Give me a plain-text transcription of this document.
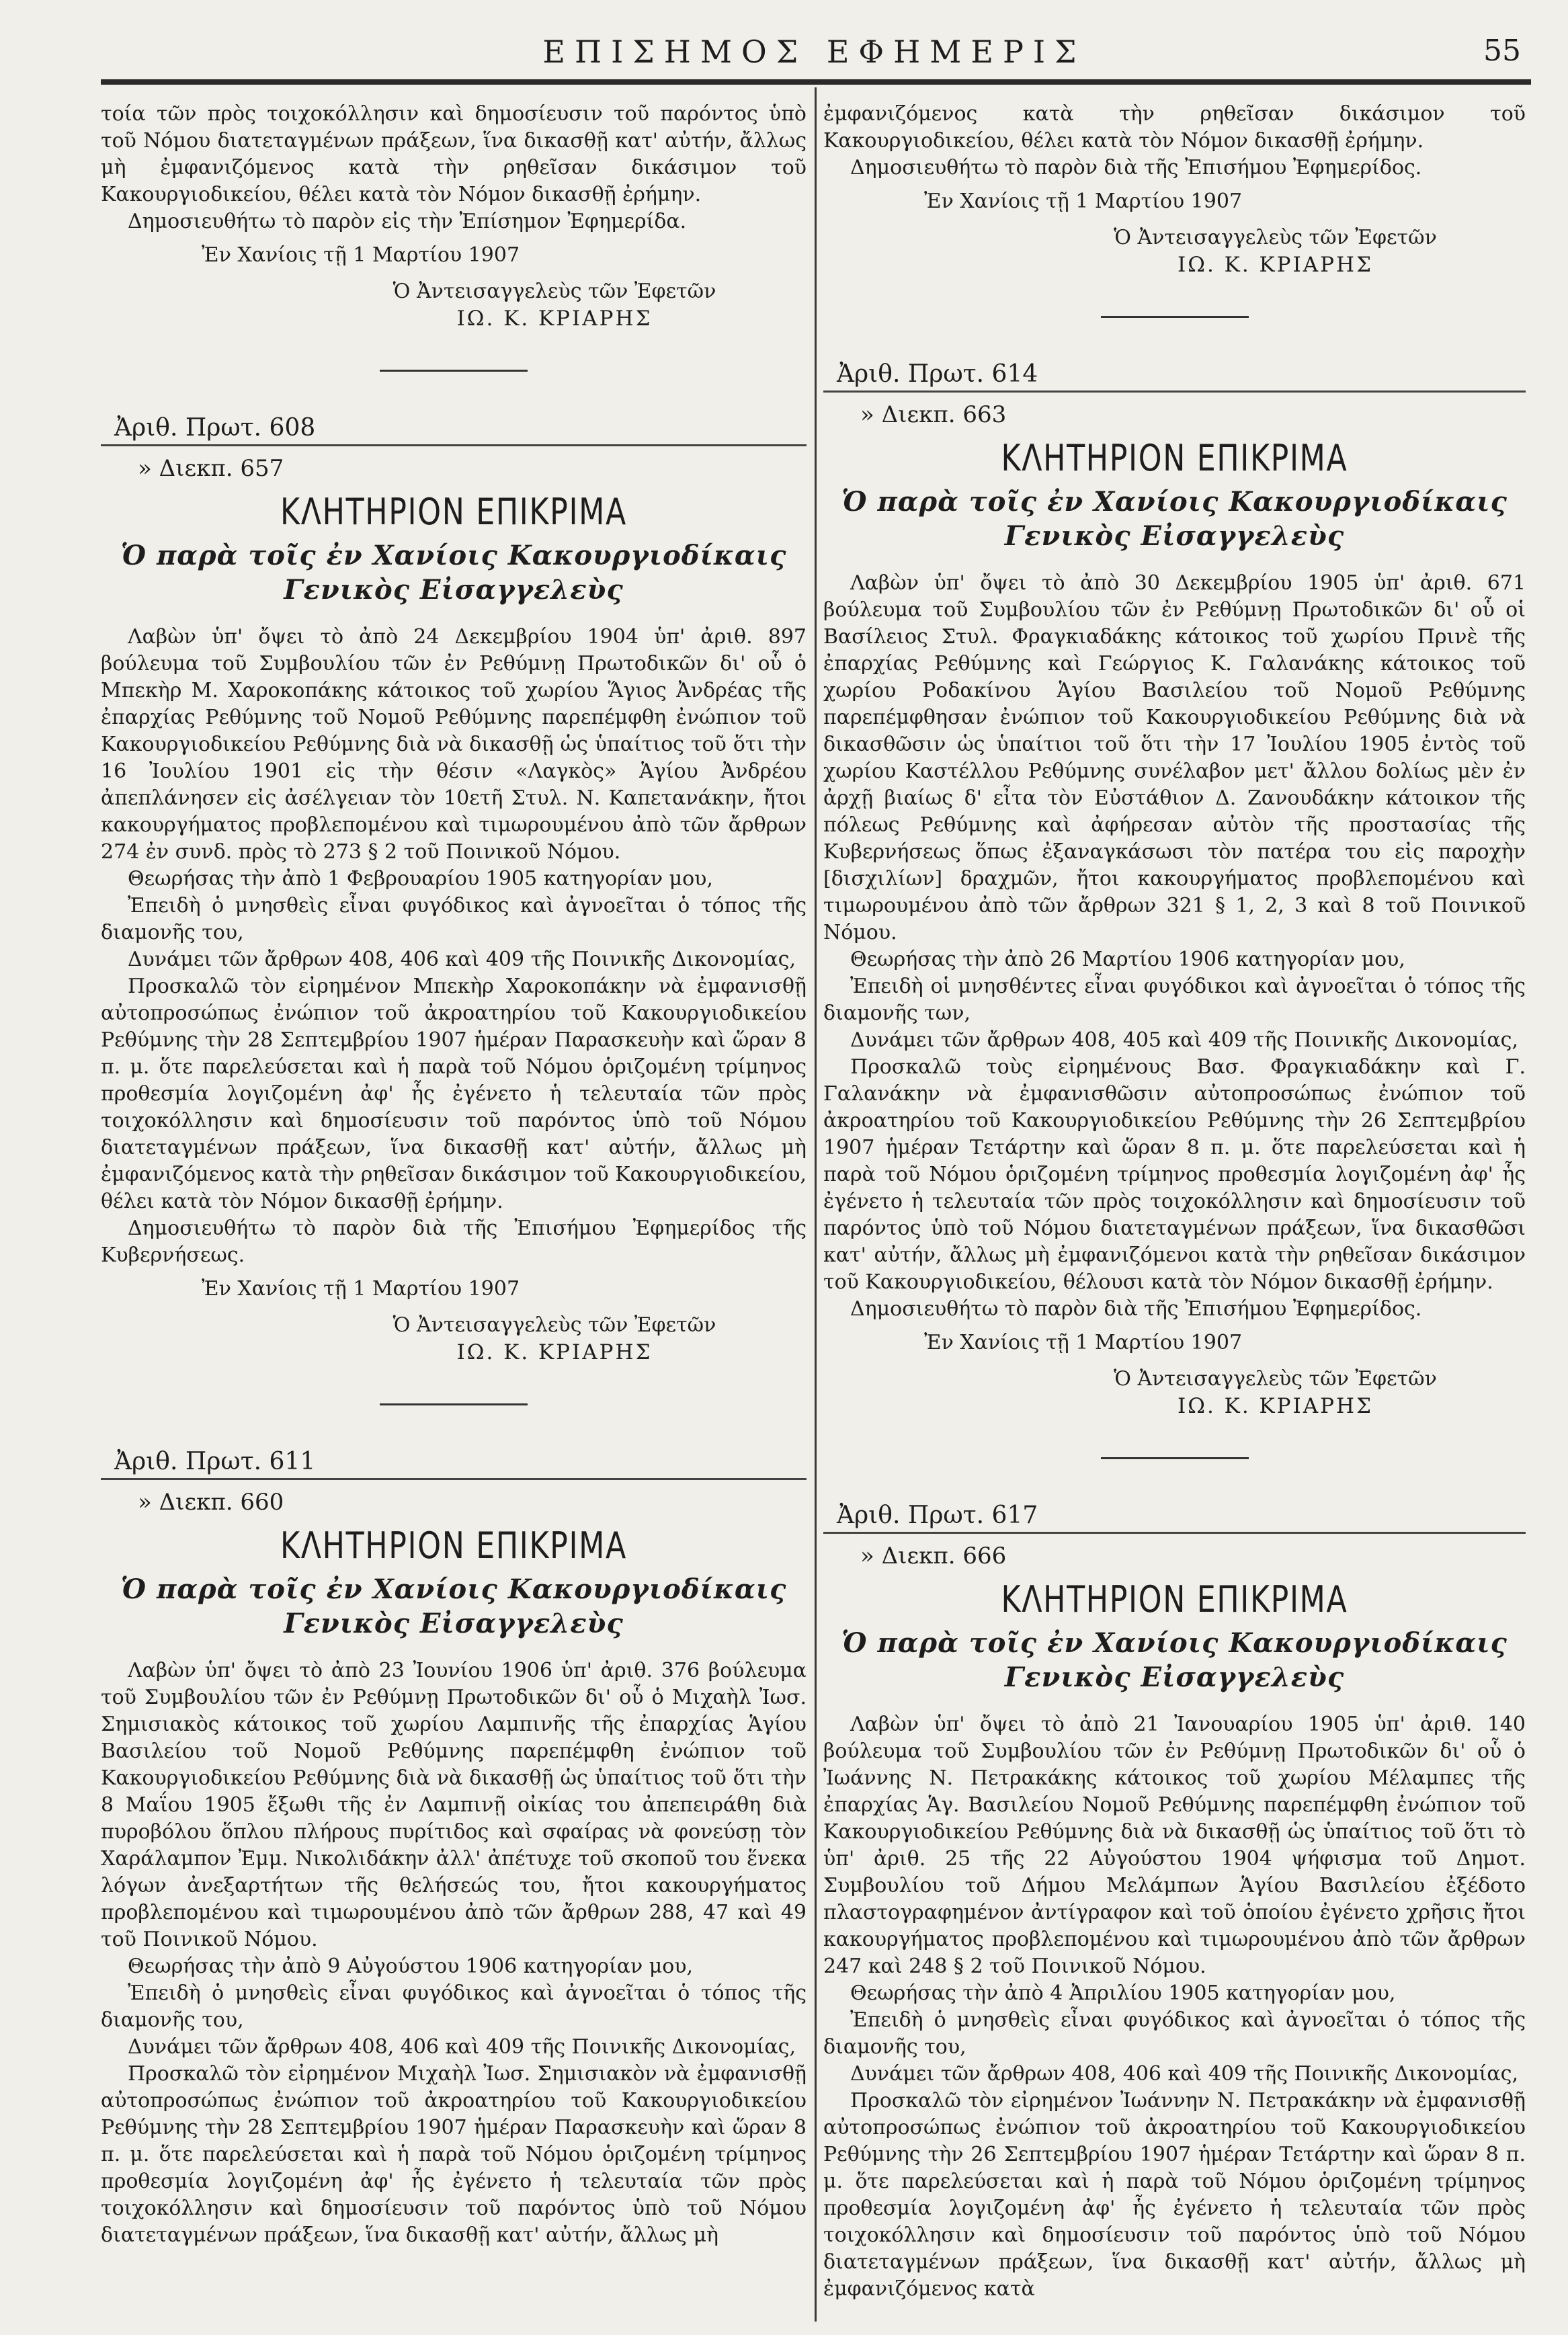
ΕΠΙΣΗΜΟΣ ΕΦΗΜΕΡΙΣ	55

τοία τῶν πρὸς τοιχοκόλλησιν καὶ δημοσίευσιν τοῦ παρόντος ὑπὸ τοῦ Νόμου διατεταγμένων πράξεων, ἵνα δικασθῇ κατ' αὐτήν, ἄλλως μὴ ἐμφανιζόμενος κατὰ τὴν ρηθεῖσαν δικάσιμον τοῦ Κακουργιοδικείου, θέλει κατὰ τὸν Νόμον δικασθῇ ἐρήμην.

Δημοσιευθήτω τὸ παρὸν εἰς τὴν Ἐπίσημον Ἐφημερίδα.

Ἐν Χανίοις τῇ 1 Μαρτίου 1907

Ὁ Ἀντεισαγγελεὺς τῶν Ἐφετῶν

ΙΩ. Κ. ΚΡΙΑΡΗΣ

Ἀριθ. Πρωτ. 608

» Διεκπ. 657

ΚΛΗΤΗΡΙΟΝ ΕΠΙΚΡΙΜΑ

Ὁ παρὰ τοῖς ἐν Χανίοις Κακουργιοδίκαις

Γενικὸς Εἰσαγγελεὺς

Λαβὼν ὑπ' ὄψει τὸ ἀπὸ 24 Δεκεμβρίου 1904 ὑπ' ἀριθ. 897 βούλευμα τοῦ Συμβουλίου τῶν ἐν Ρεθύμνῃ Πρωτοδικῶν δι' οὗ ὁ Μπεκὴρ Μ. Χαροκοπάκης κάτοικος τοῦ χωρίου Ἅγιος Ἀνδρέας τῆς ἐπαρχίας Ρεθύμνης τοῦ Νομοῦ Ρεθύμνης παρεπέμφθη ἐνώπιον τοῦ Κακουργιοδικείου Ρεθύμνης διὰ νὰ δικασθῇ ὡς ὑπαίτιος τοῦ ὅτι τὴν 16 Ἰουλίου 1901 εἰς τὴν θέσιν «Λαγκὸς» Ἁγίου Ἀνδρέου ἀπεπλάνησεν εἰς ἀσέλγειαν τὸν 10ετῆ Στυλ. Ν. Καπετανάκην, ἤτοι κακουργήματος προβλεπομένου καὶ τιμωρουμένου ἀπὸ τῶν ἄρθρων 274 ἐν συνδ. πρὸς τὸ 273 § 2 τοῦ Ποινικοῦ Νόμου.

Θεωρήσας τὴν ἀπὸ 1 Φεβρουαρίου 1905 κατηγορίαν μου,

Ἐπειδὴ ὁ μνησθεὶς εἶναι φυγόδικος καὶ ἀγνοεῖται ὁ τόπος τῆς διαμονῆς του,

Δυνάμει τῶν ἄρθρων 408, 406 καὶ 409 τῆς Ποινικῆς Δικονομίας,

Προσκαλῶ τὸν εἰρημένον Μπεκὴρ Χαροκοπάκην νὰ ἐμφανισθῇ αὐτοπροσώπως ἐνώπιον τοῦ ἀκροατηρίου τοῦ Κακουργιοδικείου Ρεθύμνης τὴν 28 Σεπτεμβρίου 1907 ἡμέραν Παρασκευὴν καὶ ὥραν 8 π. μ. ὅτε παρελεύσεται καὶ ἡ παρὰ τοῦ Νόμου ὁριζομένη τρίμηνος προθεσμία λογιζομένη ἀφ' ἧς ἐγένετο ἡ τελευταία τῶν πρὸς τοιχοκόλλησιν καὶ δημοσίευσιν τοῦ παρόντος ὑπὸ τοῦ Νόμου διατεταγμένων πράξεων, ἵνα δικασθῇ κατ' αὐτήν, ἄλλως μὴ ἐμφανιζόμενος κατὰ τὴν ρηθεῖσαν δικάσιμον τοῦ Κακουργιοδικείου, θέλει κατὰ τὸν Νόμον δικασθῇ ἐρήμην.

Δημοσιευθήτω τὸ παρὸν διὰ τῆς Ἐπισήμου Ἐφημερίδος τῆς Κυβερνήσεως.

Ἐν Χανίοις τῇ 1 Μαρτίου 1907

Ὁ Ἀντεισαγγελεὺς τῶν Ἐφετῶν

ΙΩ. Κ. ΚΡΙΑΡΗΣ

Ἀριθ. Πρωτ. 611

» Διεκπ. 660

ΚΛΗΤΗΡΙΟΝ ΕΠΙΚΡΙΜΑ

Ὁ παρὰ τοῖς ἐν Χανίοις Κακουργιοδίκαις

Γενικὸς Εἰσαγγελεὺς

Λαβὼν ὑπ' ὄψει τὸ ἀπὸ 23 Ἰουνίου 1906 ὑπ' ἀριθ. 376 βούλευμα τοῦ Συμβουλίου τῶν ἐν Ρεθύμνῃ Πρωτοδικῶν δι' οὗ ὁ Μιχαὴλ Ἰωσ. Σημισιακὸς κάτοικος τοῦ χωρίου Λαμπινῆς τῆς ἐπαρχίας Ἁγίου Βασιλείου τοῦ Νομοῦ Ρεθύμνης παρεπέμφθη ἐνώπιον τοῦ Κακουργιοδικείου Ρεθύμνης διὰ νὰ δικασθῇ ὡς ὑπαίτιος τοῦ ὅτι τὴν 8 Μαΐου 1905 ἔξωθι τῆς ἐν Λαμπινῇ οἰκίας του ἀπεπειράθη διὰ πυροβόλου ὅπλου πλήρους πυρίτιδος καὶ σφαίρας νὰ φονεύσῃ τὸν Χαράλαμπον Ἐμμ. Νικολιδάκην ἀλλ' ἀπέτυχε τοῦ σκοποῦ του ἕνεκα λόγων ἀνεξαρτήτων τῆς θελήσεώς του, ἤτοι κακουργήματος προβλεπομένου καὶ τιμωρουμένου ἀπὸ τῶν ἄρθρων 288, 47 καὶ 49 τοῦ Ποινικοῦ Νόμου.

Θεωρήσας τὴν ἀπὸ 9 Αὐγούστου 1906 κατηγορίαν μου,

Ἐπειδὴ ὁ μνησθεὶς εἶναι φυγόδικος καὶ ἀγνοεῖται ὁ τόπος τῆς διαμονῆς του,

Δυνάμει τῶν ἄρθρων 408, 406 καὶ 409 τῆς Ποινικῆς Δικονομίας,

Προσκαλῶ τὸν εἰρημένον Μιχαὴλ Ἰωσ. Σημισιακὸν νὰ ἐμφανισθῇ αὐτοπροσώπως ἐνώπιον τοῦ ἀκροατηρίου τοῦ Κακουργιοδικείου Ρεθύμνης τὴν 28 Σεπτεμβρίου 1907 ἡμέραν Παρασκευὴν καὶ ὥραν 8 π. μ. ὅτε παρελεύσεται καὶ ἡ παρὰ τοῦ Νόμου ὁριζομένη τρίμηνος προθεσμία λογιζομένη ἀφ' ἧς ἐγένετο ἡ τελευταία τῶν πρὸς τοιχοκόλλησιν καὶ δημοσίευσιν τοῦ παρόντος ὑπὸ τοῦ Νόμου διατεταγμένων πράξεων, ἵνα δικασθῇ κατ' αὐτήν, ἄλλως μὴ

ἐμφανιζόμενος κατὰ τὴν ρηθεῖσαν δικάσιμον τοῦ Κακουργιοδικείου, θέλει κατὰ τὸν Νόμον δικασθῇ ἐρήμην.

Δημοσιευθήτω τὸ παρὸν διὰ τῆς Ἐπισήμου Ἐφημερίδος.

Ἐν Χανίοις τῇ 1 Μαρτίου 1907

Ὁ Ἀντεισαγγελεὺς τῶν Ἐφετῶν

ΙΩ. Κ. ΚΡΙΑΡΗΣ

Ἀριθ. Πρωτ. 614

» Διεκπ. 663

ΚΛΗΤΗΡΙΟΝ ΕΠΙΚΡΙΜΑ

Ὁ παρὰ τοῖς ἐν Χανίοις Κακουργιοδίκαις

Γενικὸς Εἰσαγγελεὺς

Λαβὼν ὑπ' ὄψει τὸ ἀπὸ 30 Δεκεμβρίου 1905 ὑπ' ἀριθ. 671 βούλευμα τοῦ Συμβουλίου τῶν ἐν Ρεθύμνῃ Πρωτοδικῶν δι' οὗ οἱ Βασίλειος Στυλ. Φραγκιαδάκης κάτοικος τοῦ χωρίου Πρινὲ τῆς ἐπαρχίας Ρεθύμνης καὶ Γεώργιος Κ. Γαλανάκης κάτοικος τοῦ χωρίου Ροδακίνου Ἁγίου Βασιλείου τοῦ Νομοῦ Ρεθύμνης παρεπέμφθησαν ἐνώπιον τοῦ Κακουργιοδικείου Ρεθύμνης διὰ νὰ δικασθῶσιν ὡς ὑπαίτιοι τοῦ ὅτι τὴν 17 Ἰουλίου 1905 ἐντὸς τοῦ χωρίου Καστέλλου Ρεθύμνης συνέλαβον μετ' ἄλλου δολίως μὲν ἐν ἀρχῇ βιαίως δ' εἶτα τὸν Εὐστάθιον Δ. Ζανουδάκην κάτοικον τῆς πόλεως Ρεθύμνης καὶ ἀφήρεσαν αὐτὸν τῆς προστασίας τῆς Κυβερνήσεως ὅπως ἐξαναγκάσωσι τὸν πατέρα του εἰς παροχὴν [δισχιλίων] δραχμῶν, ἤτοι κακουργήματος προβλεπομένου καὶ τιμωρουμένου ἀπὸ τῶν ἄρθρων 321 § 1, 2, 3 καὶ 8 τοῦ Ποινικοῦ Νόμου.

Θεωρήσας τὴν ἀπὸ 26 Μαρτίου 1906 κατηγορίαν μου,

Ἐπειδὴ οἱ μνησθέντες εἶναι φυγόδικοι καὶ ἀγνοεῖται ὁ τόπος τῆς διαμονῆς των,

Δυνάμει τῶν ἄρθρων 408, 405 καὶ 409 τῆς Ποινικῆς Δικονομίας,

Προσκαλῶ τοὺς εἰρημένους Βασ. Φραγκιαδάκην καὶ Γ. Γαλανάκην νὰ ἐμφανισθῶσιν αὐτοπροσώπως ἐνώπιον τοῦ ἀκροατηρίου τοῦ Κακουργιοδικείου Ρεθύμνης τὴν 26 Σεπτεμβρίου 1907 ἡμέραν Τετάρτην καὶ ὥραν 8 π. μ. ὅτε παρελεύσεται καὶ ἡ παρὰ τοῦ Νόμου ὁριζομένη τρίμηνος προθεσμία λογιζομένη ἀφ' ἧς ἐγένετο ἡ τελευταία τῶν πρὸς τοιχοκόλλησιν καὶ δημοσίευσιν τοῦ παρόντος ὑπὸ τοῦ Νόμου διατεταγμένων πράξεων, ἵνα δικασθῶσι κατ' αὐτήν, ἄλλως μὴ ἐμφανιζόμενοι κατὰ τὴν ρηθεῖσαν δικάσιμον τοῦ Κακουργιοδικείου, θέλουσι κατὰ τὸν Νόμον δικασθῇ ἐρήμην.

Δημοσιευθήτω τὸ παρὸν διὰ τῆς Ἐπισήμου Ἐφημερίδος.

Ἐν Χανίοις τῇ 1 Μαρτίου 1907

Ὁ Ἀντεισαγγελεὺς τῶν Ἐφετῶν

ΙΩ. Κ. ΚΡΙΑΡΗΣ

Ἀριθ. Πρωτ. 617

» Διεκπ. 666

ΚΛΗΤΗΡΙΟΝ ΕΠΙΚΡΙΜΑ

Ὁ παρὰ τοῖς ἐν Χανίοις Κακουργιοδίκαις

Γενικὸς Εἰσαγγελεὺς

Λαβὼν ὑπ' ὄψει τὸ ἀπὸ 21 Ἰανουαρίου 1905 ὑπ' ἀριθ. 140 βούλευμα τοῦ Συμβουλίου τῶν ἐν Ρεθύμνῃ Πρωτοδικῶν δι' οὗ ὁ Ἰωάννης Ν. Πετρακάκης κάτοικος τοῦ χωρίου Μέλαμπες τῆς ἐπαρχίας Ἁγ. Βασιλείου Νομοῦ Ρεθύμνης παρεπέμφθη ἐνώπιον τοῦ Κακουργιοδικείου Ρεθύμνης διὰ νὰ δικασθῇ ὡς ὑπαίτιος τοῦ ὅτι τὸ ὑπ' ἀριθ. 25 τῆς 22 Αὐγούστου 1904 ψήφισμα τοῦ Δημοτ. Συμβουλίου τοῦ Δήμου Μελάμπων Ἁγίου Βασιλείου ἐξέδοτο πλαστογραφημένον ἀντίγραφον καὶ τοῦ ὁποίου ἐγένετο χρῆσις ἤτοι κακουργήματος προβλεπομένου καὶ τιμωρουμένου ἀπὸ τῶν ἄρθρων 247 καὶ 248 § 2 τοῦ Ποινικοῦ Νόμου.

Θεωρήσας τὴν ἀπὸ 4 Ἀπριλίου 1905 κατηγορίαν μου,

Ἐπειδὴ ὁ μνησθεὶς εἶναι φυγόδικος καὶ ἀγνοεῖται ὁ τόπος τῆς διαμονῆς του,

Δυνάμει τῶν ἄρθρων 408, 406 καὶ 409 τῆς Ποινικῆς Δικονομίας,

Προσκαλῶ τὸν εἰρημένον Ἰωάννην Ν. Πετρακάκην νὰ ἐμφανισθῇ αὐτοπροσώπως ἐνώπιον τοῦ ἀκροατηρίου τοῦ Κακουργιοδικείου Ρεθύμνης τὴν 26 Σεπτεμβρίου 1907 ἡμέραν Τετάρτην καὶ ὥραν 8 π. μ. ὅτε παρελεύσεται καὶ ἡ παρὰ τοῦ Νόμου ὁριζομένη τρίμηνος προθεσμία λογιζομένη ἀφ' ἧς ἐγένετο ἡ τελευταία τῶν πρὸς τοιχοκόλλησιν καὶ δημοσίευσιν τοῦ παρόντος ὑπὸ τοῦ Νόμου διατεταγμένων πράξεων, ἵνα δικασθῇ κατ' αὐτήν, ἄλλως μὴ ἐμφανιζόμενος κατὰ
